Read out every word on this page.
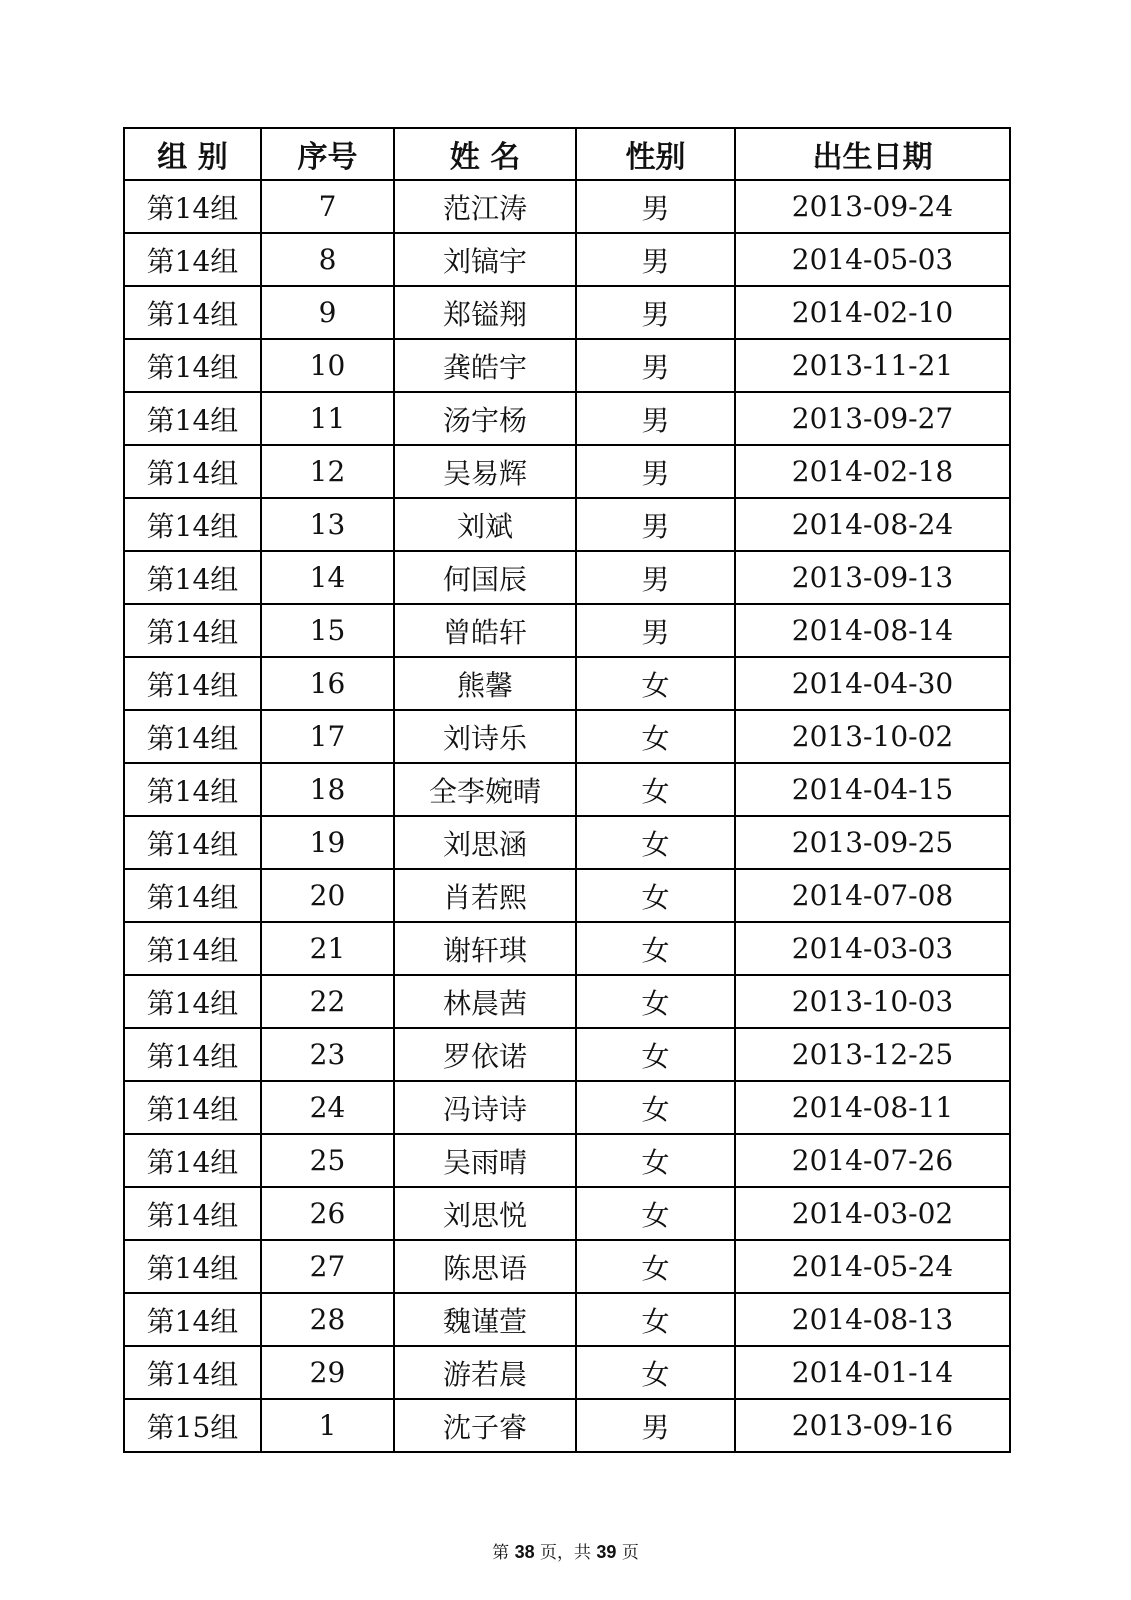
组 别	序号	姓 名	性别	出生日期
第14组	7	范江涛	男	2013-09-24
第14组	8	刘镐宇	男	2014-05-03
第14组	9	郑镒翔	男	2014-02-10
第14组	10	龚皓宇	男	2013-11-21
第14组	11	汤宇杨	男	2013-09-27
第14组	12	吴易辉	男	2014-02-18
第14组	13	刘斌	男	2014-08-24
第14组	14	何国辰	男	2013-09-13
第14组	15	曾皓轩	男	2014-08-14
第14组	16	熊馨	女	2014-04-30
第14组	17	刘诗乐	女	2013-10-02
第14组	18	全李婉晴	女	2014-04-15
第14组	19	刘思涵	女	2013-09-25
第14组	20	肖若熙	女	2014-07-08
第14组	21	谢轩琪	女	2014-03-03
第14组	22	林晨茜	女	2013-10-03
第14组	23	罗依诺	女	2013-12-25
第14组	24	冯诗诗	女	2014-08-11
第14组	25	吴雨晴	女	2014-07-26
第14组	26	刘思悦	女	2014-03-02
第14组	27	陈思语	女	2014-05-24
第14组	28	魏谨萱	女	2014-08-13
第14组	29	游若晨	女	2014-01-14
第15组	1	沈子睿	男	2013-09-16
第 38 页，共 39 页
